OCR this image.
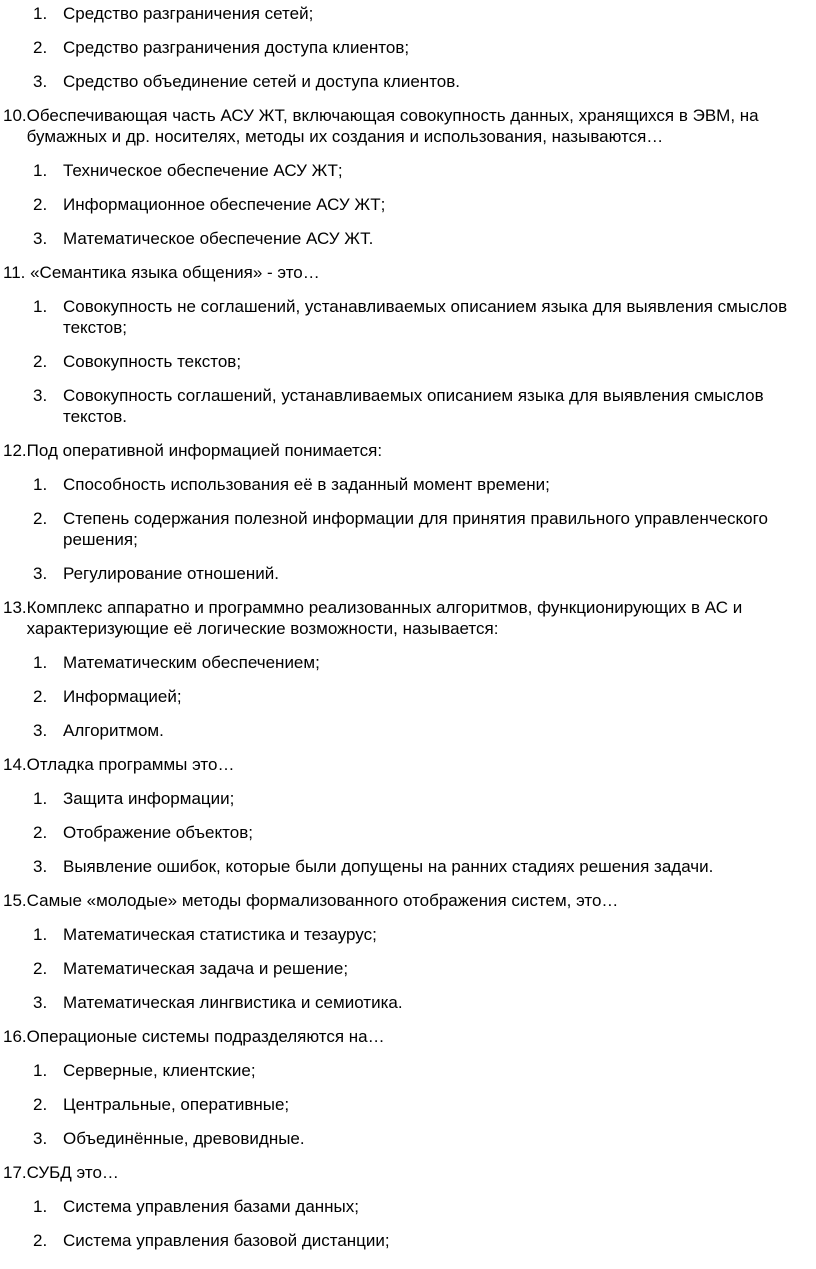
1. Средство разграничения сетей;
2. Средство разграничения доступа клиентов;
3. Средство объединение сетей и доступа клиентов.
10. Обеспечивающая часть АСУ ЖТ, включающая совокупность данных, хранящихся в ЭВМ, на бумажных и др. носителях, методы их создания и использования, называются…
1. Техническое обеспечение АСУ ЖТ;
2. Информационное обеспечение АСУ ЖТ;
3. Математическое обеспечение АСУ ЖТ.
11. «Семантика языка общения» - это…
1. Совокупность не соглашений, устанавливаемых описанием языка для выявления смыслов текстов;
2. Совокупность текстов;
3. Совокупность соглашений, устанавливаемых описанием языка для выявления смыслов текстов.
12. Под оперативной информацией понимается:
1. Способность использования её в заданный момент времени;
2. Степень содержания полезной информации для принятия правильного управленческого решения;
3. Регулирование отношений.
13. Комплекс аппаратно и программно реализованных алгоритмов, функционирующих в АС и характеризующие её логические возможности, называется:
1. Математическим обеспечением;
2. Информацией;
3. Алгоритмом.
14. Отладка программы это…
1. Защита информации;
2. Отображение объектов;
3. Выявление ошибок, которые были допущены на ранних стадиях решения задачи.
15. Самые «молодые» методы формализованного отображения систем, это…
1. Математическая статистика и тезаурус;
2. Математическая задача и решение;
3. Математическая лингвистика и семиотика.
16. Операционые системы подразделяются на…
1. Серверные, клиентские;
2. Центральные, оперативные;
3. Объединённые, древовидные.
17. СУБД это…
1. Система управления базами данных;
2. Система управления базовой дистанции;
